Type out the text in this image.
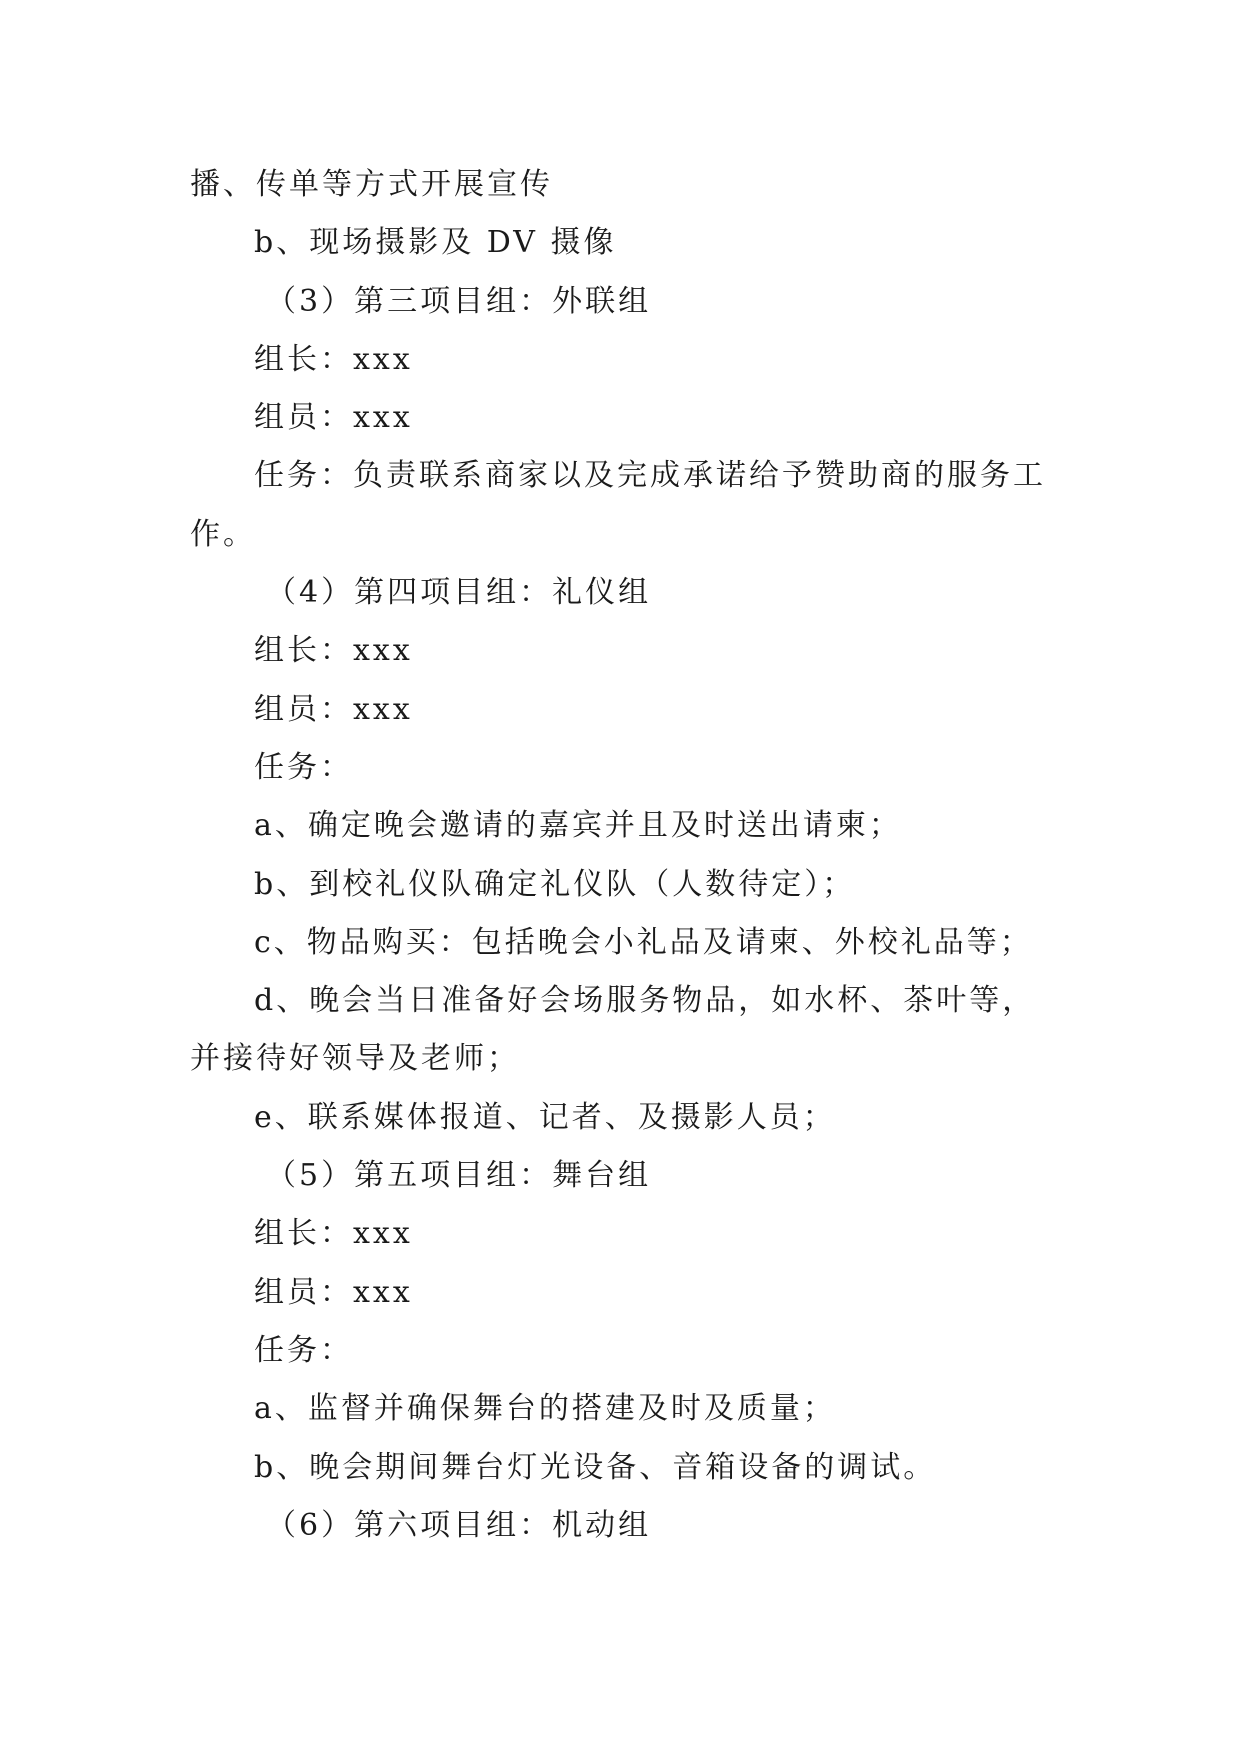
播、传单等方式开展宣传
b、现场摄影及 DV 摄像
（3）第三项目组：外联组
组长：xxx
组员：xxx
任务：负责联系商家以及完成承诺给予赞助商的服务工
作。
（4）第四项目组：礼仪组
组长：xxx
组员：xxx
任务：
a、确定晚会邀请的嘉宾并且及时送出请柬；
b、到校礼仪队确定礼仪队（人数待定）；
c、物品购买：包括晚会小礼品及请柬、外校礼品等；
d、晚会当日准备好会场服务物品，如水杯、茶叶等，
并接待好领导及老师；
e、联系媒体报道、记者、及摄影人员；
（5）第五项目组：舞台组
组长：xxx
组员：xxx
任务：
a、监督并确保舞台的搭建及时及质量；
b、晚会期间舞台灯光设备、音箱设备的调试。
（6）第六项目组：机动组
